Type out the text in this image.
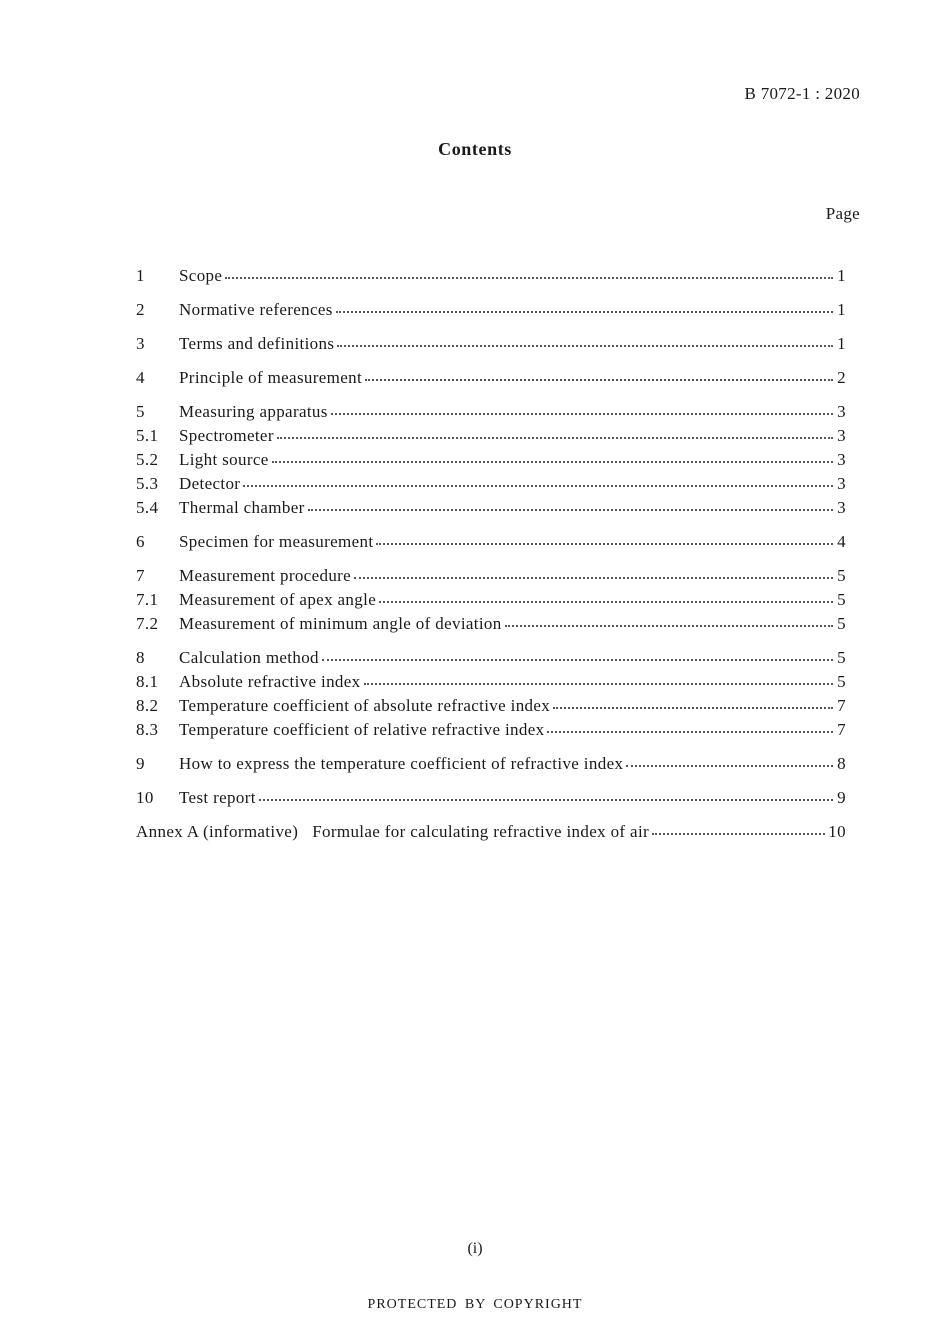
B 7072-1 : 2020
Contents
Page
1	Scope	1
2	Normative references	1
3	Terms and definitions	1
4	Principle of measurement	2
5	Measuring apparatus	3
5.1	Spectrometer	3
5.2	Light source	3
5.3	Detector	3
5.4	Thermal chamber	3
6	Specimen for measurement	4
7	Measurement procedure	5
7.1	Measurement of apex angle	5
7.2	Measurement of minimum angle of deviation	5
8	Calculation method	5
8.1	Absolute refractive index	5
8.2	Temperature coefficient of absolute refractive index	7
8.3	Temperature coefficient of relative refractive index	7
9	How to express the temperature coefficient of refractive index	8
10	Test report	9
Annex A (informative) Formulae for calculating refractive index of air	10
(i)
PROTECTED BY COPYRIGHT
